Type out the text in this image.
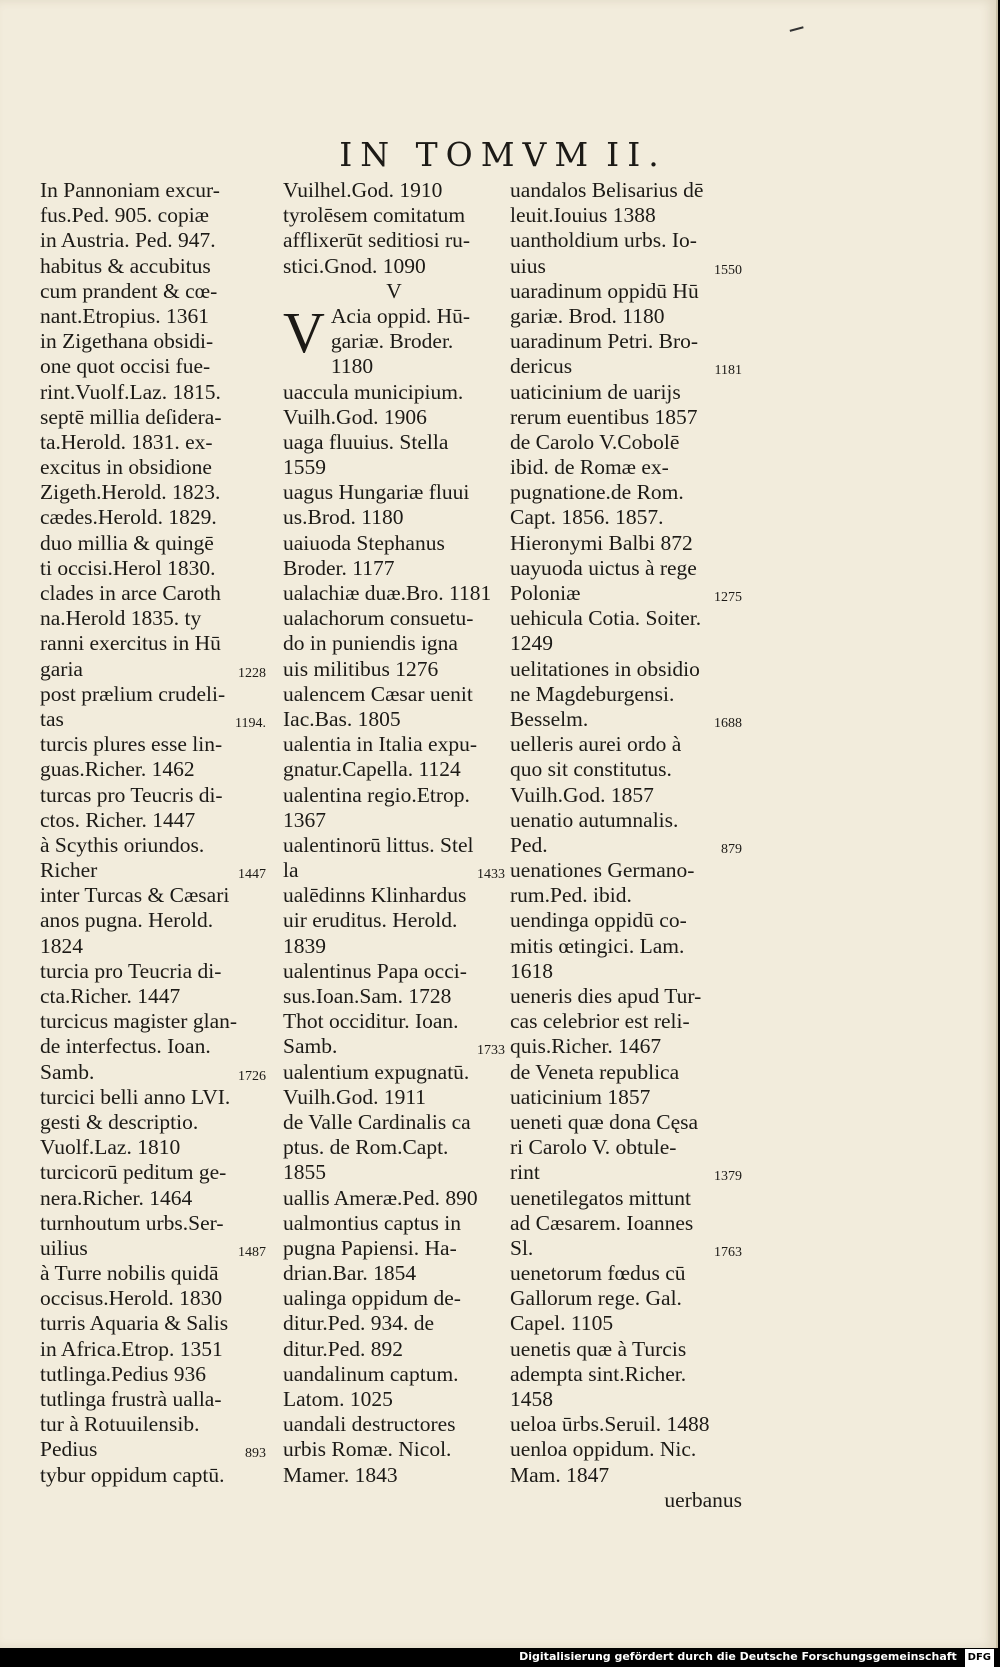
IN TOMVM II.
In Pannoniam excur-
fus.Ped. 905. copiæ
in Austria. Ped. 947.
habitus & accubitus
cum prandent & cœ-
nant.Etropius. 1361
in Zigethana obsidi-
one quot occisi fue-
rint.Vuolf.Laz. 1815.
septē millia deſidera-
ta.Herold. 1831. ex-
excitus in obsidione
Zigeth.Herold. 1823.
cædes.Herold. 1829.
duo millia & quingē
ti occisi.Herol 1830.
clades in arce Caroth
na.Herold 1835. ty
ranni exercitus in Hū
garia	1228
post prælium crudeli-
tas	1194.
turcis plures esse lin-
guas.Richer. 1462
turcas pro Teucris di-
ctos. Richer. 1447
à Scythis oriundos.
Richer	1447
inter Turcas & Cæsari
anos pugna. Herold.
1824
turcia pro Teucria di-
cta.Richer. 1447
turcicus magister glan-
de interfectus. Ioan.
Samb.	1726
turcici belli anno LVI.
gesti & descriptio.
Vuolf.Laz. 1810
turcicorū peditum ge-
nera.Richer. 1464
turnhoutum urbs.Ser-
uilius	1487
à Turre nobilis quidā
occisus.Herold. 1830
turris Aquaria & Salis
in Africa.Etrop. 1351
tutlinga.Pedius 936
tutlinga frustrà ualla-
tur à Rotuuilensib.
Pedius	893
tybur oppidum captū.
Vuilhel.God. 1910
tyrolēsem comitatum
afflixerūt seditiosi ru-
stici.Gnod. 1090
V
V Acia oppid. Hū-
gariæ. Broder.
1180
uaccula municipium.
Vuilh.God. 1906
uaga fluuius. Stella
1559
uagus Hungariæ fluui
us.Brod. 1180
uaiuoda Stephanus
Broder. 1177
ualachiæ duæ.Bro. 1181
ualachorum consuetu-
do in puniendis igna
uis militibus 1276
ualencem Cæsar uenit
Iac.Bas. 1805
ualentia in Italia expu-
gnatur.Capella. 1124
ualentina regio.Etrop.
1367
ualentinorū littus. Stel
la	1433
ualēdinns Klinhardus
uir eruditus. Herold.
1839
ualentinus Papa occi-
sus.Ioan.Sam. 1728
Thot occiditur. Ioan.
Samb.	1733
ualentium expugnatū.
Vuilh.God. 1911
de Valle Cardinalis ca
ptus. de Rom.Capt.
1855
uallis Ameræ.Ped. 890
ualmontius captus in
pugna Papiensi. Ha-
drian.Bar. 1854
ualinga oppidum de-
ditur.Ped. 934. de
ditur.Ped. 892
uandalinum captum.
Latom. 1025
uandali destructores
urbis Romæ. Nicol.
Mamer. 1843
uandalos Belisarius dē
leuit.Iouius 1388
uantholdium urbs. Io-
uius	1550
uaradinum oppidū Hū
gariæ. Brod. 1180
uaradinum Petri. Bro-
dericus	1181
uaticinium de uarijs
rerum euentibus 1857
de Carolo V.Cobolē
ibid. de Romæ ex-
pugnatione.de Rom.
Capt. 1856. 1857.
Hieronymi Balbi 872
uayuoda uictus à rege
Poloniæ	1275
uehicula Cotia. Soiter.
1249
uelitationes in obsidio
ne Magdeburgensi.
Besselm.	1688
uelleris aurei ordo à
quo sit constitutus.
Vuilh.God. 1857
uenatio autumnalis.
Ped.	879
uenationes Germano-
rum.Ped. ibid.
uendinga oppidū co-
mitis œtingici. Lam.
1618
ueneris dies apud Tur-
cas celebrior est reli-
quis.Richer. 1467
de Veneta republica
uaticinium 1857
ueneti quæ dona Cęsa
ri Carolo V. obtule-
rint	1379
uenetilegatos mittunt
ad Cæsarem. Ioannes
Sl.	1763
uenetorum fœdus cū
Gallorum rege. Gal.
Capel. 1105
uenetis quæ à Turcis
adempta sint.Richer.
1458
ueloa ūrbs.Seruil. 1488
uenloa oppidum. Nic.
Mam. 1847
uerbanus
Digitalisierung gefördert durch die Deutsche Forschungsgemeinschaft DFG
